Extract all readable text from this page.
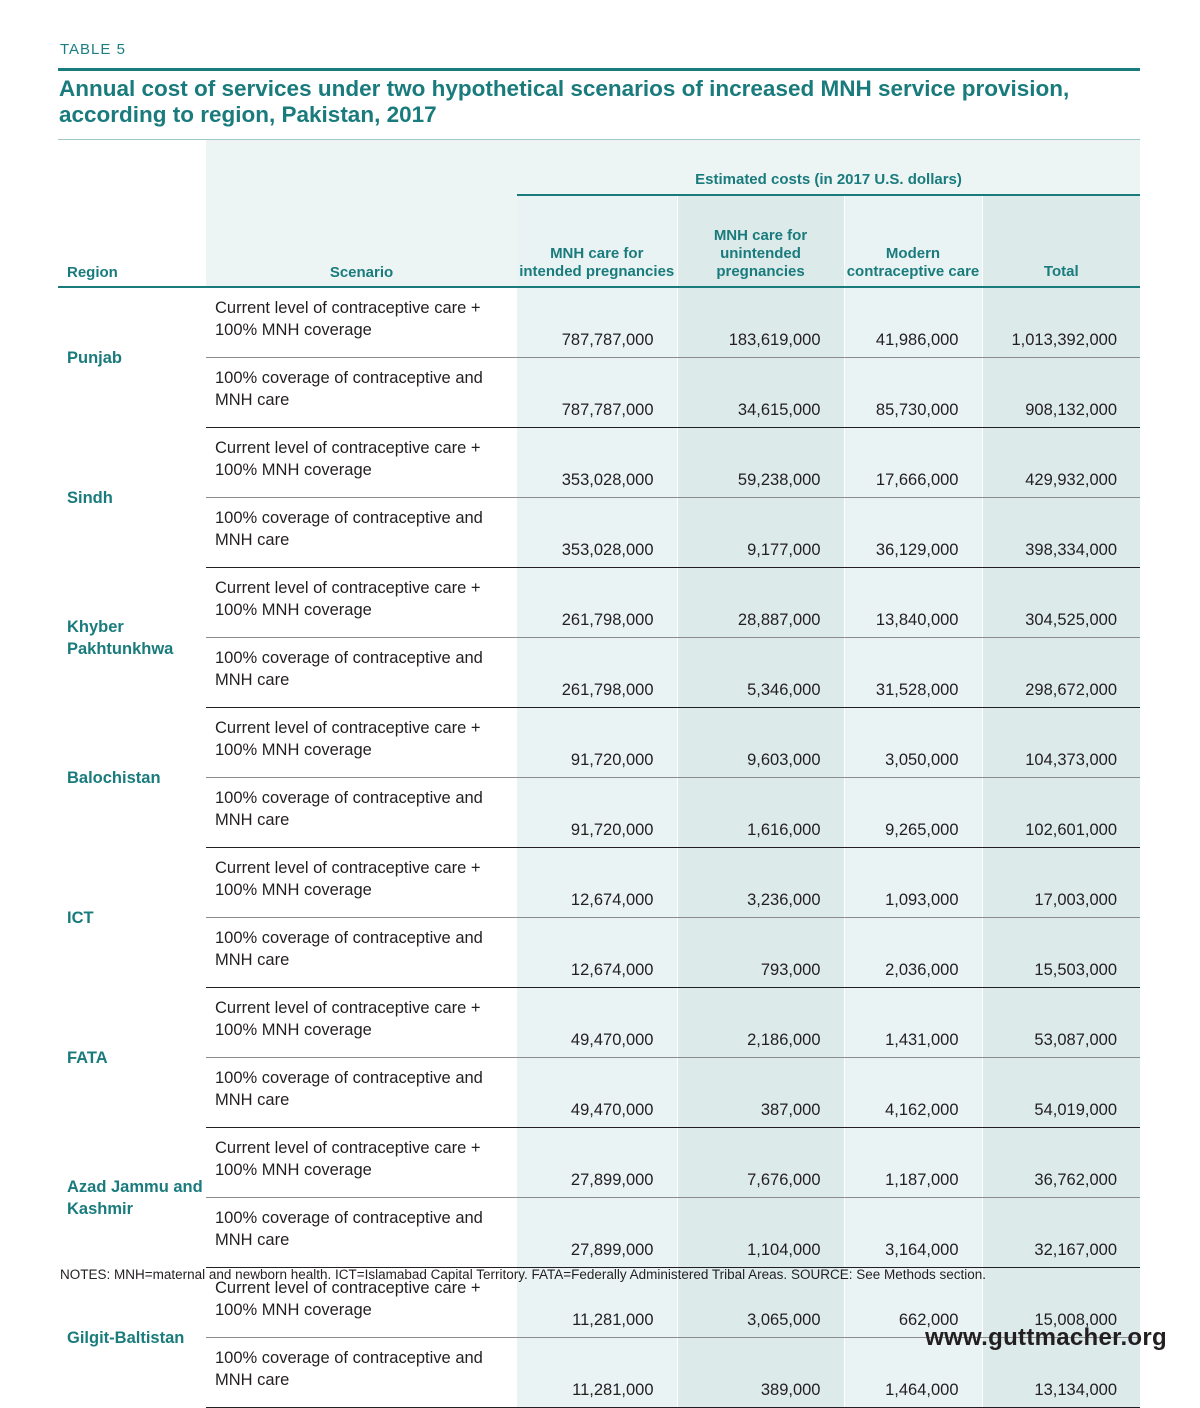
TABLE 5
Annual cost of services under two hypothetical scenarios of increased MNH service provision, according to region, Pakistan, 2017
Region	Scenario	Estimated costs (in 2017 U.S. dollars)			
		MNH care for intended pregnancies	MNH care for unintended pregnancies	Modern contraceptive care	Total
Punjab	Current level of contraceptive care + 100% MNH coverage	787,787,000	183,619,000	41,986,000	1,013,392,000
	100% coverage of contraceptive and MNH care	787,787,000	34,615,000	85,730,000	908,132,000
Sindh	Current level of contraceptive care + 100% MNH coverage	353,028,000	59,238,000	17,666,000	429,932,000
	100% coverage of contraceptive and MNH care	353,028,000	9,177,000	36,129,000	398,334,000
Khyber Pakhtunkhwa	Current level of contraceptive care + 100% MNH coverage	261,798,000	28,887,000	13,840,000	304,525,000
	100% coverage of contraceptive and MNH care	261,798,000	5,346,000	31,528,000	298,672,000
Balochistan	Current level of contraceptive care + 100% MNH coverage	91,720,000	9,603,000	3,050,000	104,373,000
	100% coverage of contraceptive and MNH care	91,720,000	1,616,000	9,265,000	102,601,000
ICT	Current level of contraceptive care + 100% MNH coverage	12,674,000	3,236,000	1,093,000	17,003,000
	100% coverage of contraceptive and MNH care	12,674,000	793,000	2,036,000	15,503,000
FATA	Current level of contraceptive care + 100% MNH coverage	49,470,000	2,186,000	1,431,000	53,087,000
	100% coverage of contraceptive and MNH care	49,470,000	387,000	4,162,000	54,019,000
Azad Jammu and Kashmir	Current level of contraceptive care + 100% MNH coverage	27,899,000	7,676,000	1,187,000	36,762,000
	100% coverage of contraceptive and MNH care	27,899,000	1,104,000	3,164,000	32,167,000
Gilgit-Baltistan	Current level of contraceptive care + 100% MNH coverage	11,281,000	3,065,000	662,000	15,008,000
	100% coverage of contraceptive and MNH care	11,281,000	389,000	1,464,000	13,134,000
NOTES: MNH=maternal and newborn health. ICT=Islamabad Capital Territory. FATA=Federally Administered Tribal Areas. SOURCE: See Methods section.
www.guttmacher.org
